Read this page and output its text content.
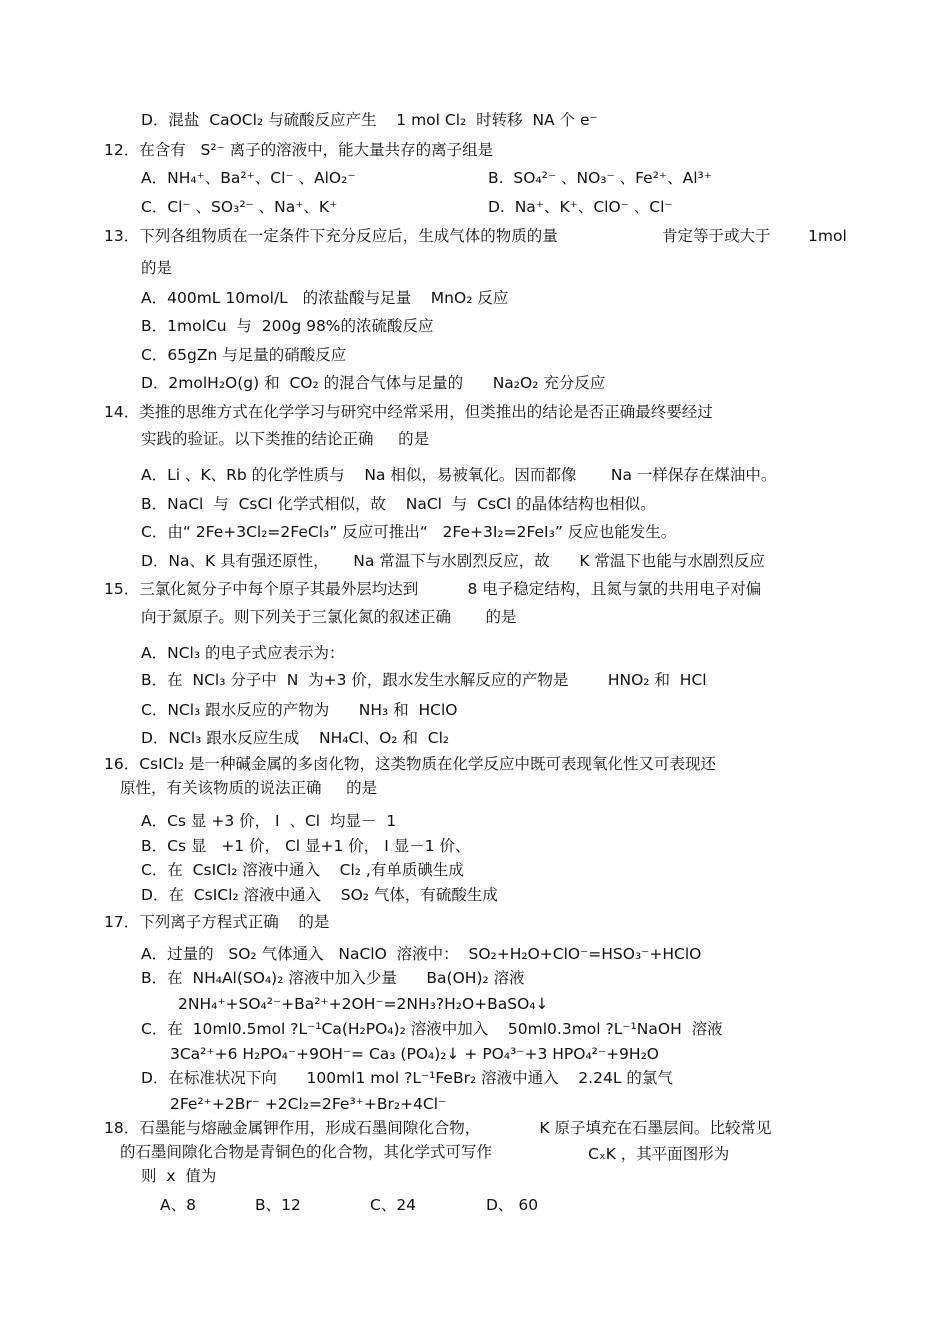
D．混盐  CaOCl₂ 与硫酸反应产生    1 mol Cl₂  时转移  NA 个 e⁻
12．在含有   S²⁻ 离子的溶液中，能大量共存的离子组是
A．NH₄⁺、Ba²⁺、Cl⁻ 、AlO₂⁻	B.  SO₄²⁻ 、NO₃⁻ 、Fe²⁺、Al³⁺
C．Cl⁻ 、SO₃²⁻ 、Na⁺、K⁺	D.  Na⁺、K⁺、ClO⁻ 、Cl⁻
13．下列各组物质在一定条件下充分反应后，生成气体的物质的量	肯定等于或大于 1mol
的是
A．400mL 10mol/L   的浓盐酸与足量    MnO₂ 反应
B．1molCu  与  200g 98%的浓硫酸反应
C．65gZn 与足量的硝酸反应
D．2molH₂O(g) 和  CO₂ 的混合气体与足量的      Na₂O₂ 充分反应
14．类推的思维方式在化学学习与研究中经常采用，但类推出的结论是否正确最终要经过
实践的验证。以下类推的结论正确     的是
A．Li 、K、Rb 的化学性质与    Na 相似，易被氧化。因而都像       Na 一样保存在煤油中。
B．NaCl  与  CsCl 化学式相似，故    NaCl  与  CsCl 的晶体结构也相似。
C．由“ 2Fe+3Cl₂=2FeCl₃” 反应可推出“   2Fe+3I₂=2FeI₃” 反应也能发生。
D．Na、K 具有强还原性，     Na 常温下与水剧烈反应，故      K 常温下也能与水剧烈反应
15．三氯化氮分子中每个原子其最外层均达到          8 电子稳定结构，且氮与氯的共用电子对偏
向于氮原子。则下列关于三氯化氮的叙述正确       的是
A．NCl₃ 的电子式应表示为：
B．在  NCl₃ 分子中  N  为+3 价，跟水发生水解反应的产物是        HNO₂ 和  HCl
C．NCl₃ 跟水反应的产物为      NH₃ 和  HClO
D．NCl₃ 跟水反应生成    NH₄Cl、O₂ 和  Cl₂
16．CsICl₂ 是一种碱金属的多卤化物，这类物质在化学反应中既可表现氧化性又可表现还
原性，有关该物质的说法正确     的是
A．Cs 显 +3 价， I  、Cl  均显－  1
B．Cs 显   +1 价， Cl 显+1 价， I 显－1 价、
C．在  CsICl₂ 溶液中通入    Cl₂ ,有单质碘生成
D．在  CsICl₂ 溶液中通入    SO₂ 气体，有硫酸生成
17．下列离子方程式正确    的是
A．过量的   SO₂ 气体通入   NaClO  溶液中：  SO₂+H₂O+ClO⁻=HSO₃⁻+HClO
B．在  NH₄Al(SO₄)₂ 溶液中加入少量      Ba(OH)₂ 溶液
2NH₄⁺+SO₄²⁻+Ba²⁺+2OH⁻=2NH₃?H₂O+BaSO₄↓
C．在  10ml0.5mol ?L⁻¹Ca(H₂PO₄)₂ 溶液中加入    50ml0.3mol ?L⁻¹NaOH  溶液
3Ca²⁺+6 H₂PO₄⁻+9OH⁻= Ca₃ (PO₄)₂↓ + PO₄³⁻+3 HPO₄²⁻+9H₂O
D．在标准状况下向      100ml1 mol ?L⁻¹FeBr₂ 溶液中通入    2.24L 的氯气
2Fe²⁺+2Br⁻ +2Cl₂=2Fe³⁺+Br₂+4Cl⁻
18．石墨能与熔融金属钾作用，形成石墨间隙化合物，            K 原子填充在石墨层间。比较常见
的石墨间隙化合物是青铜色的化合物，其化学式可写作	CₓK ，其平面图形为
则  x  值为
A、8	B、12	C、24	D、 60
